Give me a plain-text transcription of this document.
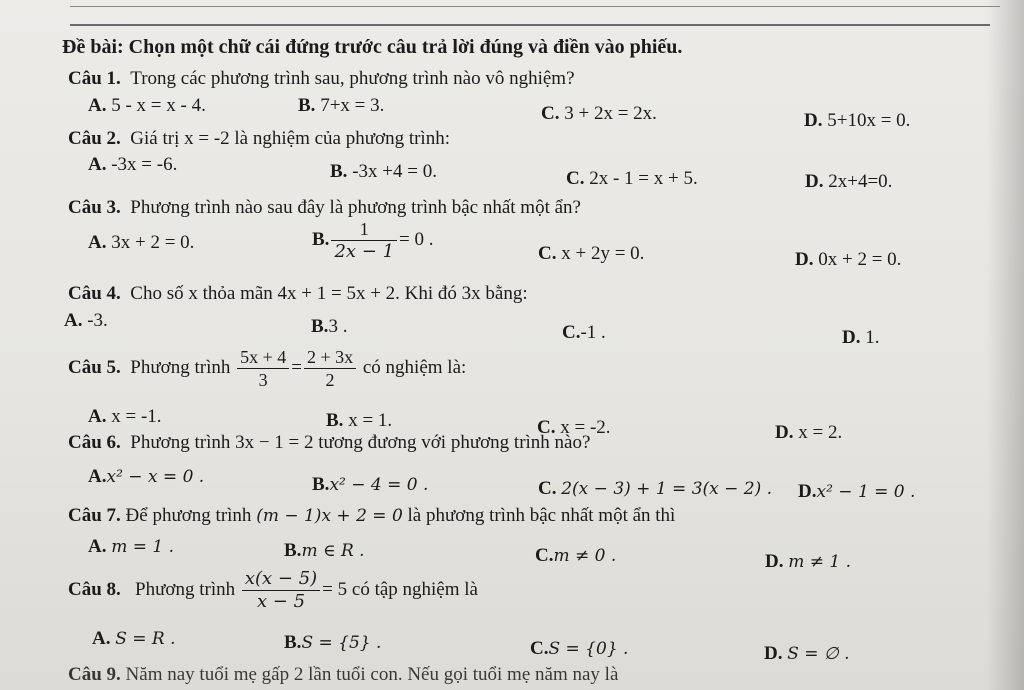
Đề bài: Chọn một chữ cái đứng trước câu trả lời đúng và điền vào phiếu.
Câu 1. Trong các phương trình sau, phương trình nào vô nghiệm?
A. 5 - x = x - 4.	B. 7+x = 3.	C. 3 + 2x = 2x.	D. 5+10x = 0.
Câu 2. Giá trị x = -2 là nghiệm của phương trình:
A. -3x = -6.	B. -3x +4 = 0.	C. 2x - 1 = x + 5.	D. 2x+4=0.
Câu 3. Phương trình nào sau đây là phương trình bậc nhất một ẩn?
A. 3x + 2 = 0.	B. $\frac{1}{2x - 1} = 0$ .
C. x + 2y = 0.	D. 0x + 2 = 0.
Câu 4. Cho số x thỏa mãn 4x + 1 = 5x + 2. Khi đó 3x bằng:
A. -3.	B.3 .	C.-1 .	D. 1.
Câu 5. Phương trình $\frac{5x + 4}{3} = \frac{2 + 3x}{2}$ có nghiệm là:
A. x = -1.	B. x = 1.	C. x = -2.	D. x = 2.
Câu 6. Phương trình 3x − 1 = 2 tương đương với phương trình nào?
A.x² − x = 0 .	B.x² − 4 = 0 .	C. 2(x − 3) + 1 = 3(x − 2) . D.x² − 1 = 0 .
Câu 7. Để phương trình (m − 1)x + 2 = 0 là phương trình bậc nhất một ẩn thì
A. m = 1 .	B.m ∈ R .	C.m ≠ 0 .	D. m ≠ 1 .
Câu 8. Phương trình $\frac{x(x - 5)}{x - 5} = 5$ có tập nghiệm là
A. S = R .	B.S = {5} .	C.S = {0} .	D. S = ∅ .
Câu 9. Năm nay tuổi mẹ gấp 2 lần tuổi con. Nếu gọi tuổi mẹ năm nay là
